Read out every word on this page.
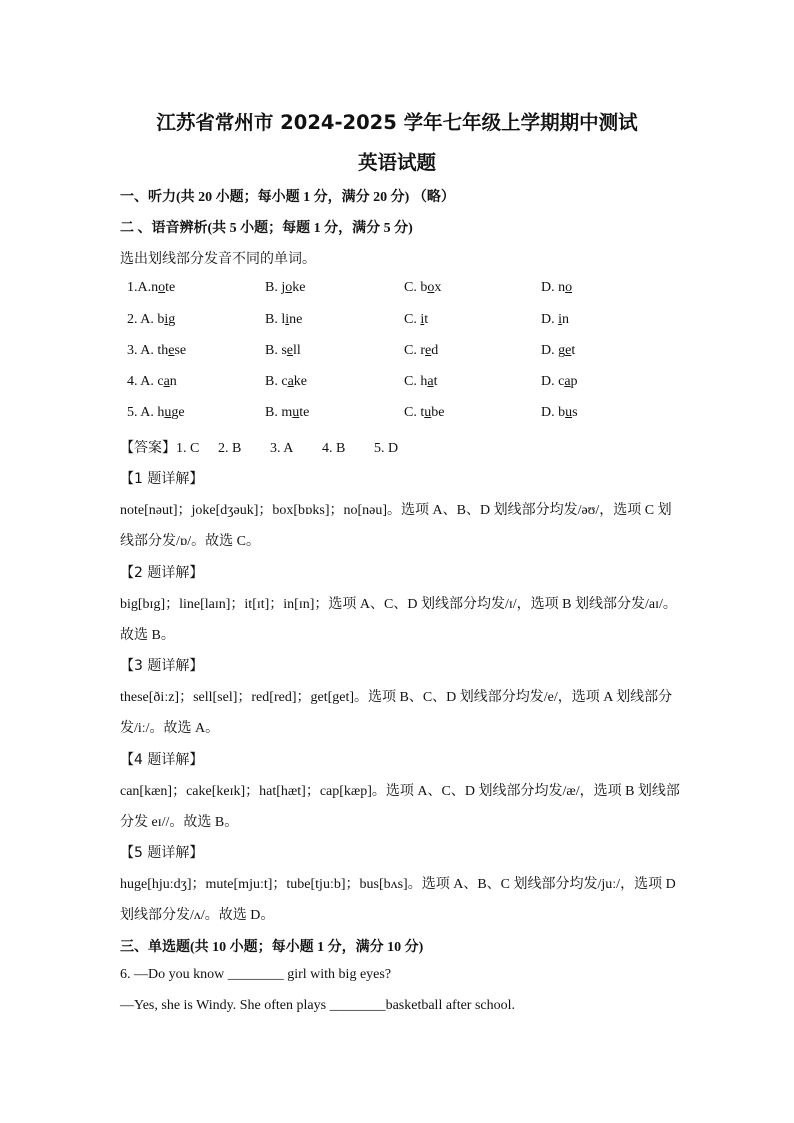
江苏省常州市 2024-2025 学年七年级上学期期中测试
英语试题
一、听力(共 20 小题；每小题 1 分，满分 20 分) （略）
二 、语音辨析(共 5 小题；每题 1 分，满分 5 分)
选出划线部分发音不同的单词。
1.A.note	B. joke	C. box	D. no
2. A. big	B. line	C. it	D. in
3. A. these	B. sell	C. red	D. get
4. A. can	B. cake	C. hat	D. cap
5. A. huge	B. mute	C. tube	D. bus
【答案】1. C 2. B 3. A 4. B 5. D
【1 题详解】
note[nəut]；joke[dʒəuk]；box[bɒks]；no[nəu]。选项 A、B、D 划线部分均发/əʊ/，选项 C 划
线部分发/ɒ/。故选 C。
【2 题详解】
big[bɪg]；line[laɪn]；it[ɪt]；in[ɪn]；选项 A、C、D 划线部分均发/ɪ/，选项 B 划线部分发/aɪ/。
故选 B。
【3 题详解】
these[ðiːz]；sell[sel]；red[red]；get[get]。选项 B、C、D 划线部分均发/e/，选项 A 划线部分
发/iː/。故选 A。
【4 题详解】
can[kæn]；cake[keɪk]；hat[hæt]；cap[kæp]。选项 A、C、D 划线部分均发/æ/，选项 B 划线部
分发 eɪ//。故选 B。
【5 题详解】
huge[hjuːdʒ]；mute[mjuːt]；tube[tjuːb]；bus[bʌs]。选项 A、B、C 划线部分均发/juː/，选项 D
划线部分发/ʌ/。故选 D。
三、单选题(共 10 小题；每小题 1 分，满分 10 分)
6. —Do you know ________ girl with big eyes?
—Yes, she is Windy. She often plays ________basketball after school.
